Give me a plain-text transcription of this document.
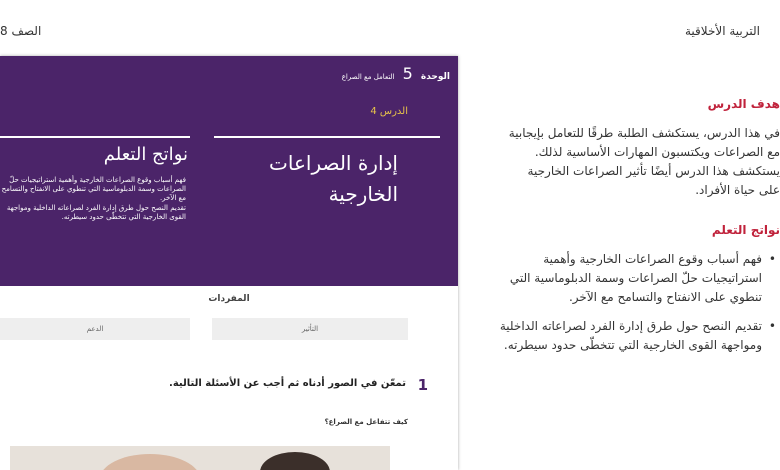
التربية الأخلاقية
الصف 8
الوحدة 5 التعامل مع الصراع
الدرس 4
إدارة الصراعات الخارجية
نواتج التعلم
فهم أسباب وقوع الصراعات الخارجية وأهمية استراتيجيات حلّ الصراعات وسمة الدبلوماسية التي تنطوي على الانفتاح والتسامح مع الآخر.
تقديم النصح حول طرق إدارة الفرد لصراعاته الداخلية ومواجهة القوى الخارجية التي تتخطّى حدود سيطرته.
المفردات
التأثير
الدعم
1
تمعّن في الصور أدناه ثم أجب عن الأسئلة التالية.
كيف تتفاعل مع الصراع؟
هدف الدرس
في هذا الدرس، يستكشف الطلبة طرقًا للتعامل بإيجابية مع الصراعات ويكتسبون المهارات الأساسية لذلك. يستكشف هذا الدرس أيضًا تأثير الصراعات الخارجية على حياة الأفراد.
نواتج التعلم
• فهم أسباب وقوع الصراعات الخارجية وأهمية استراتيجيات حلّ الصراعات وسمة الدبلوماسية التي تنطوي على الانفتاح والتسامح مع الآخر.
• تقديم النصح حول طرق إدارة الفرد لصراعاته الداخلية ومواجهة القوى الخارجية التي تتخطّى حدود سيطرته.
